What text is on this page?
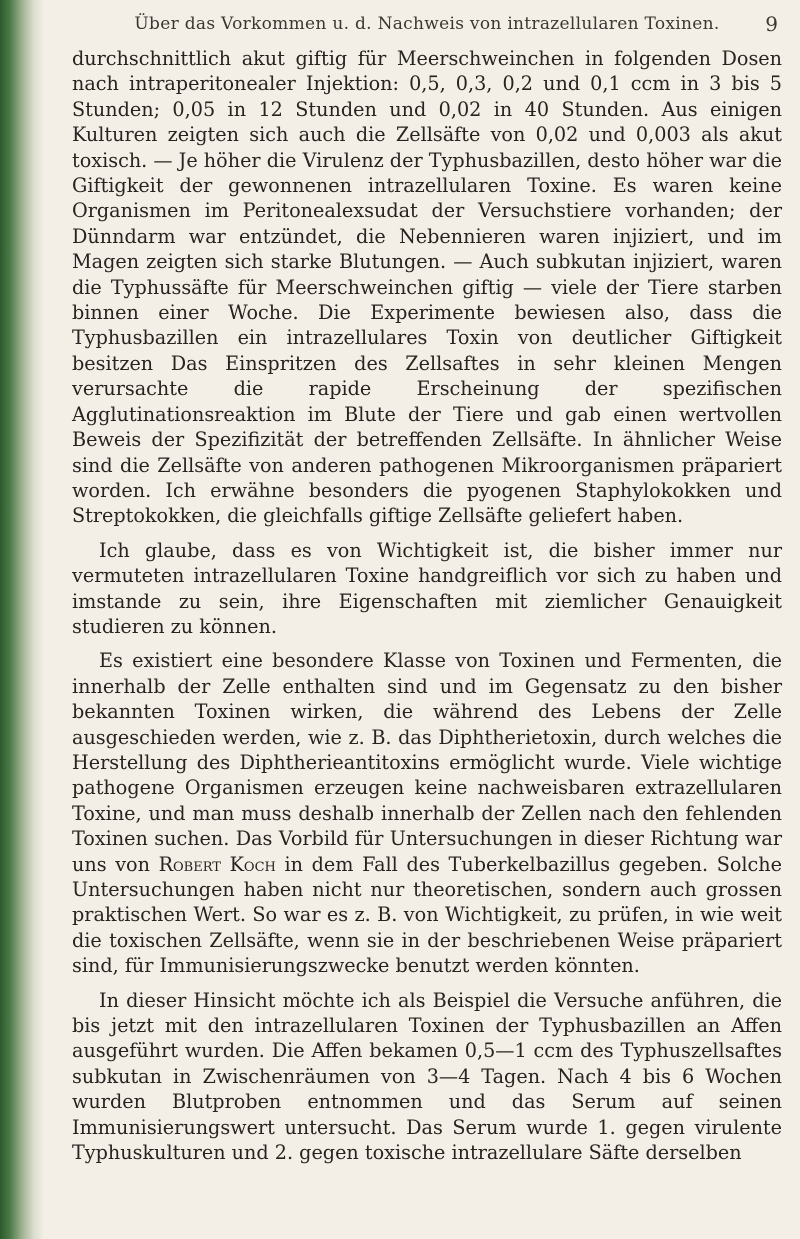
Über das Vorkommen u. d. Nachweis von intrazellularen Toxinen.	9

durchschnittlich akut giftig für Meerschweinchen in folgenden Dosen nach intraperitonealer Injektion: 0,5, 0,3, 0,2 und 0,1 ccm in 3 bis 5 Stunden; 0,05 in 12 Stunden und 0,02 in 40 Stunden. Aus einigen Kulturen zeigten sich auch die Zellsäfte von 0,02 und 0,003 als akut toxisch. — Je höher die Virulenz der Typhusbazillen, desto höher war die Giftigkeit der gewonnenen intrazellularen Toxine. Es waren keine Organismen im Peritonealexsudat der Versuchstiere vorhanden; der Dünndarm war entzündet, die Nebennieren waren injiziert, und im Magen zeigten sich starke Blutungen. — Auch subkutan injiziert, waren die Typhussäfte für Meerschweinchen giftig — viele der Tiere starben binnen einer Woche. Die Experimente bewiesen also, dass die Typhusbazillen ein intrazellulares Toxin von deutlicher Giftigkeit besitzen Das Einspritzen des Zellsaftes in sehr kleinen Mengen verursachte die rapide Erscheinung der spezifischen Agglutinationsreaktion im Blute der Tiere und gab einen wertvollen Beweis der Spezifizität der betreffenden Zellsäfte. In ähnlicher Weise sind die Zellsäfte von anderen pathogenen Mikroorganismen präpariert worden. Ich erwähne besonders die pyogenen Staphylokokken und Streptokokken, die gleichfalls giftige Zellsäfte geliefert haben.

Ich glaube, dass es von Wichtigkeit ist, die bisher immer nur vermuteten intrazellularen Toxine handgreiflich vor sich zu haben und imstande zu sein, ihre Eigenschaften mit ziemlicher Genauigkeit studieren zu können.

Es existiert eine besondere Klasse von Toxinen und Fermenten, die innerhalb der Zelle enthalten sind und im Gegensatz zu den bisher bekannten Toxinen wirken, die während des Lebens der Zelle ausgeschieden werden, wie z. B. das Diphtherietoxin, durch welches die Herstellung des Diphtherieantitoxins ermöglicht wurde. Viele wichtige pathogene Organismen erzeugen keine nachweisbaren extrazellularen Toxine, und man muss deshalb innerhalb der Zellen nach den fehlenden Toxinen suchen. Das Vorbild für Untersuchungen in dieser Richtung war uns von Robert Koch in dem Fall des Tuberkelbazillus gegeben. Solche Untersuchungen haben nicht nur theoretischen, sondern auch grossen praktischen Wert. So war es z. B. von Wichtigkeit, zu prüfen, in wie weit die toxischen Zellsäfte, wenn sie in der beschriebenen Weise präpariert sind, für Immunisierungszwecke benutzt werden könnten.

In dieser Hinsicht möchte ich als Beispiel die Versuche anführen, die bis jetzt mit den intrazellularen Toxinen der Typhusbazillen an Affen ausgeführt wurden. Die Affen bekamen 0,5—1 ccm des Typhuszellsaftes subkutan in Zwischenräumen von 3—4 Tagen. Nach 4 bis 6 Wochen wurden Blutproben entnommen und das Serum auf seinen Immunisierungswert untersucht. Das Serum wurde 1. gegen virulente Typhuskulturen und 2. gegen toxische intrazellulare Säfte derselben
